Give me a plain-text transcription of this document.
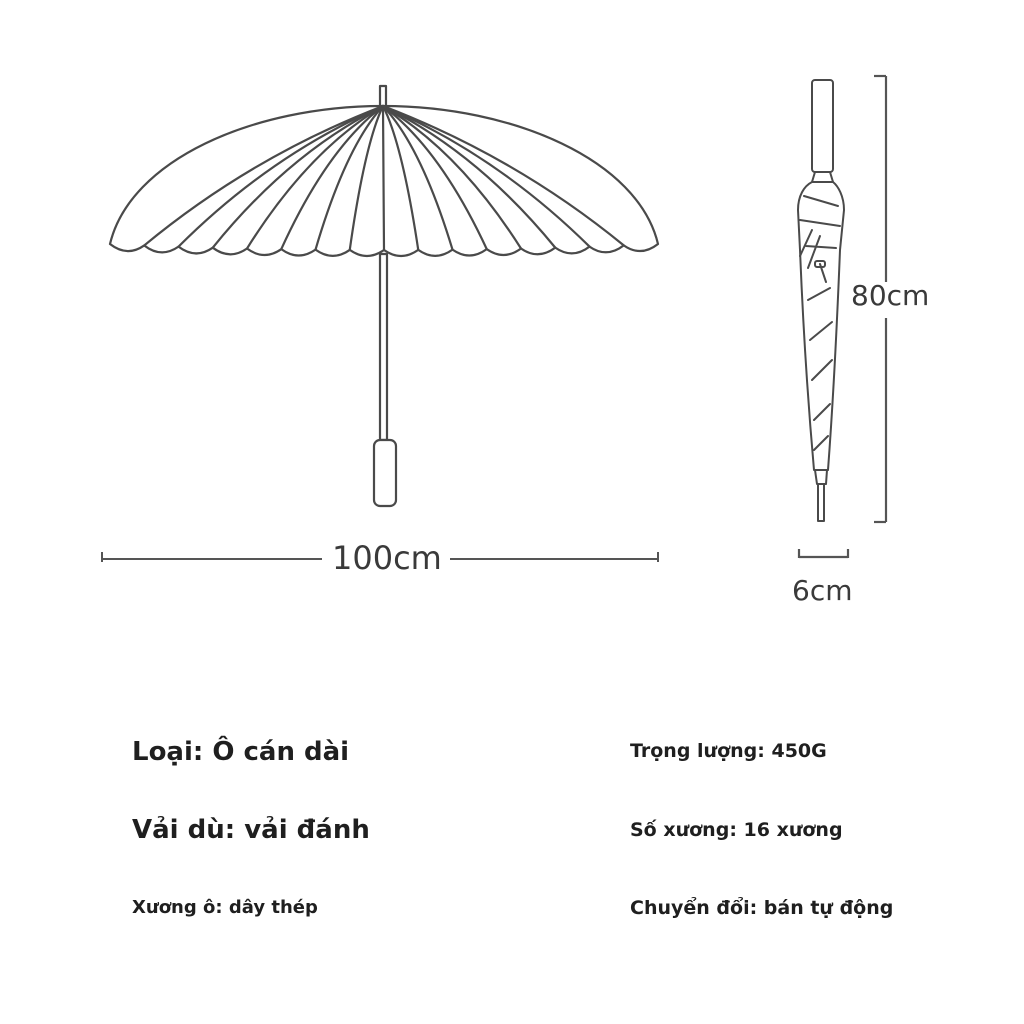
100cm
80cm
6cm
Loại: Ô cán dài
Vải dù: vải đánh
Xương ô: dây thép
Trọng lượng: 450G
Số xương: 16 xương
Chuyển đổi: bán tự động
